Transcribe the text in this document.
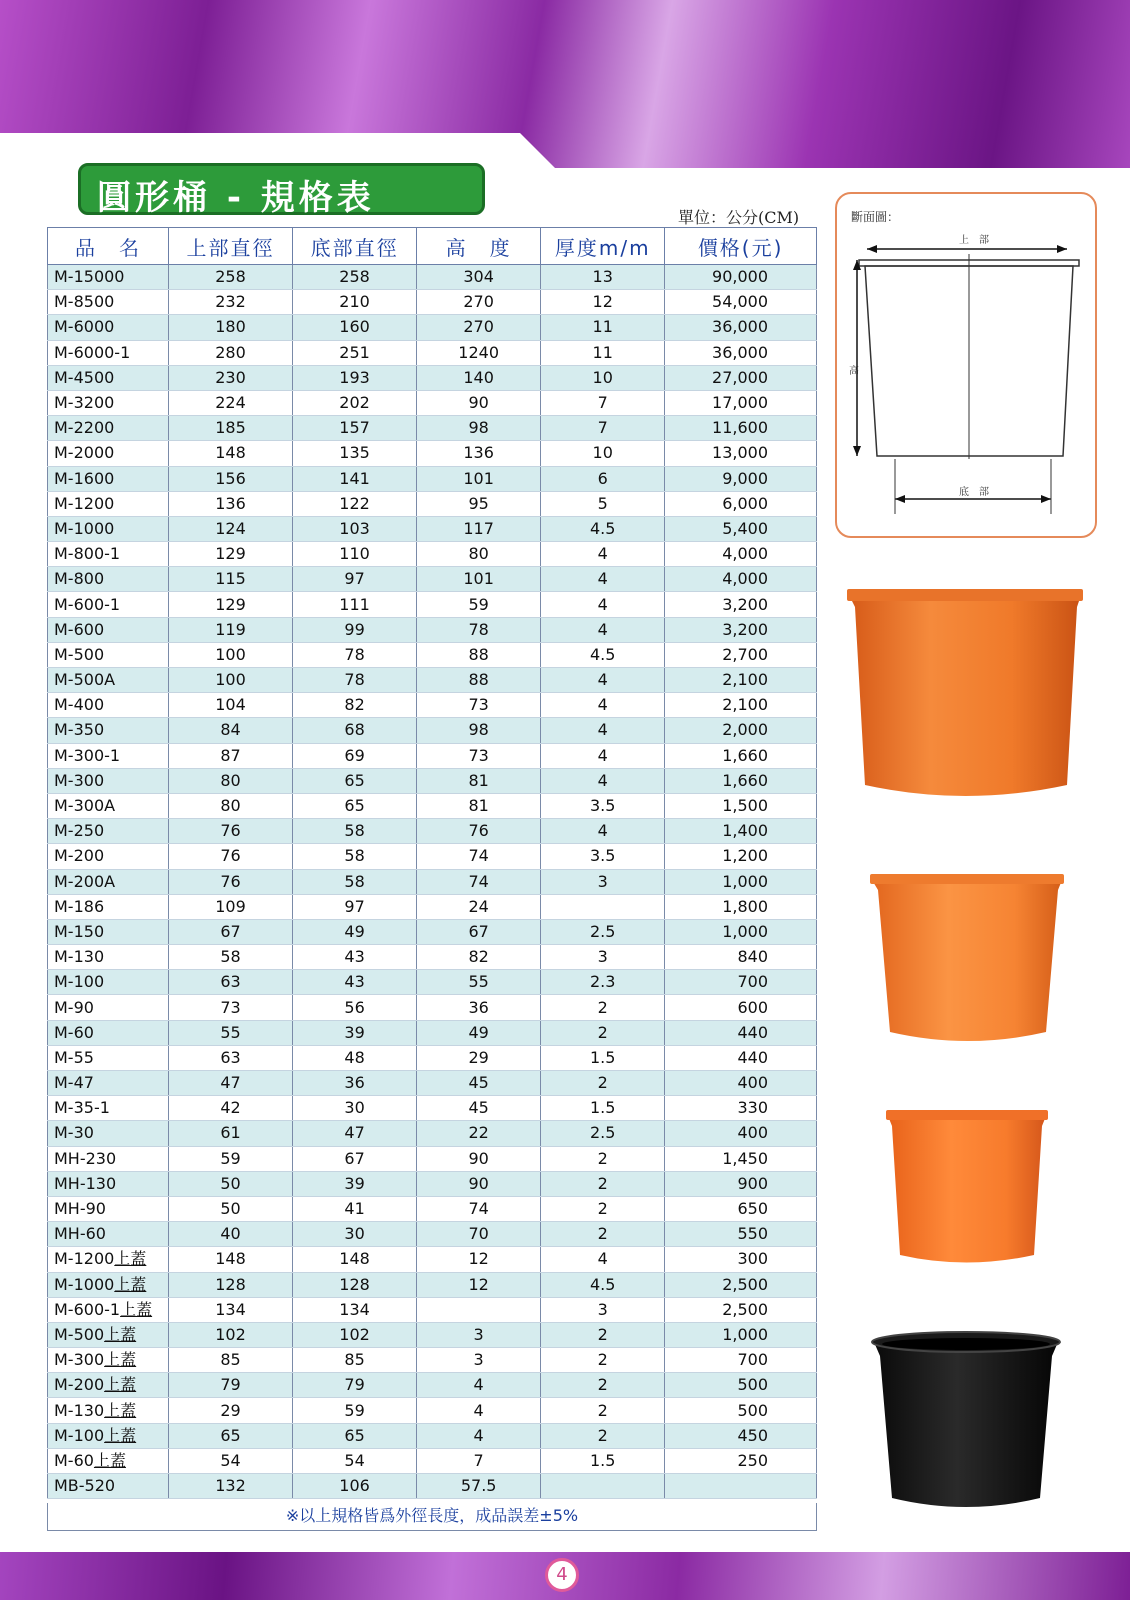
圓形桶 - 規格表	單位：公分(CM)
品　名	上部直徑	底部直徑	高　度	厚度m/m	價格(元)
M-15000	258	258	304	13	90,000
M-8500	232	210	270	12	54,000
M-6000	180	160	270	11	36,000
M-6000-1	280	251	1240	11	36,000
M-4500	230	193	140	10	27,000
M-3200	224	202	90	7	17,000
M-2200	185	157	98	7	11,600
M-2000	148	135	136	10	13,000
M-1600	156	141	101	6	9,000
M-1200	136	122	95	5	6,000
M-1000	124	103	117	4.5	5,400
M-800-1	129	110	80	4	4,000
M-800	115	97	101	4	4,000
M-600-1	129	111	59	4	3,200
M-600	119	99	78	4	3,200
M-500	100	78	88	4.5	2,700
M-500A	100	78	88	4	2,100
M-400	104	82	73	4	2,100
M-350	84	68	98	4	2,000
M-300-1	87	69	73	4	1,660
M-300	80	65	81	4	1,660
M-300A	80	65	81	3.5	1,500
M-250	76	58	76	4	1,400
M-200	76	58	74	3.5	1,200
M-200A	76	58	74	3	1,000
M-186	109	97	24		1,800
M-150	67	49	67	2.5	1,000
M-130	58	43	82	3	840
M-100	63	43	55	2.3	700
M-90	73	56	36	2	600
M-60	55	39	49	2	440
M-55	63	48	29	1.5	440
M-47	47	36	45	2	400
M-35-1	42	30	45	1.5	330
M-30	61	47	22	2.5	400
MH-230	59	67	90	2	1,450
MH-130	50	39	90	2	900
MH-90	50	41	74	2	650
MH-60	40	30	70	2	550
M-1200上蓋	148	148	12	4	300
M-1000上蓋	128	128	12	4.5	2,500
M-600-1上蓋	134	134		3	2,500
M-500上蓋	102	102	3	2	1,000
M-300上蓋	85	85	3	2	700
M-200上蓋	79	79	4	2	500
M-130上蓋	29	59	4	2	500
M-100上蓋	65	65	4	2	450
M-60上蓋	54	54	7	1.5	250
MB-520	132	106	57.5		
※以上規格皆爲外徑長度，成品誤差±5%
斷面圖：
上　部
高
底　部
4
